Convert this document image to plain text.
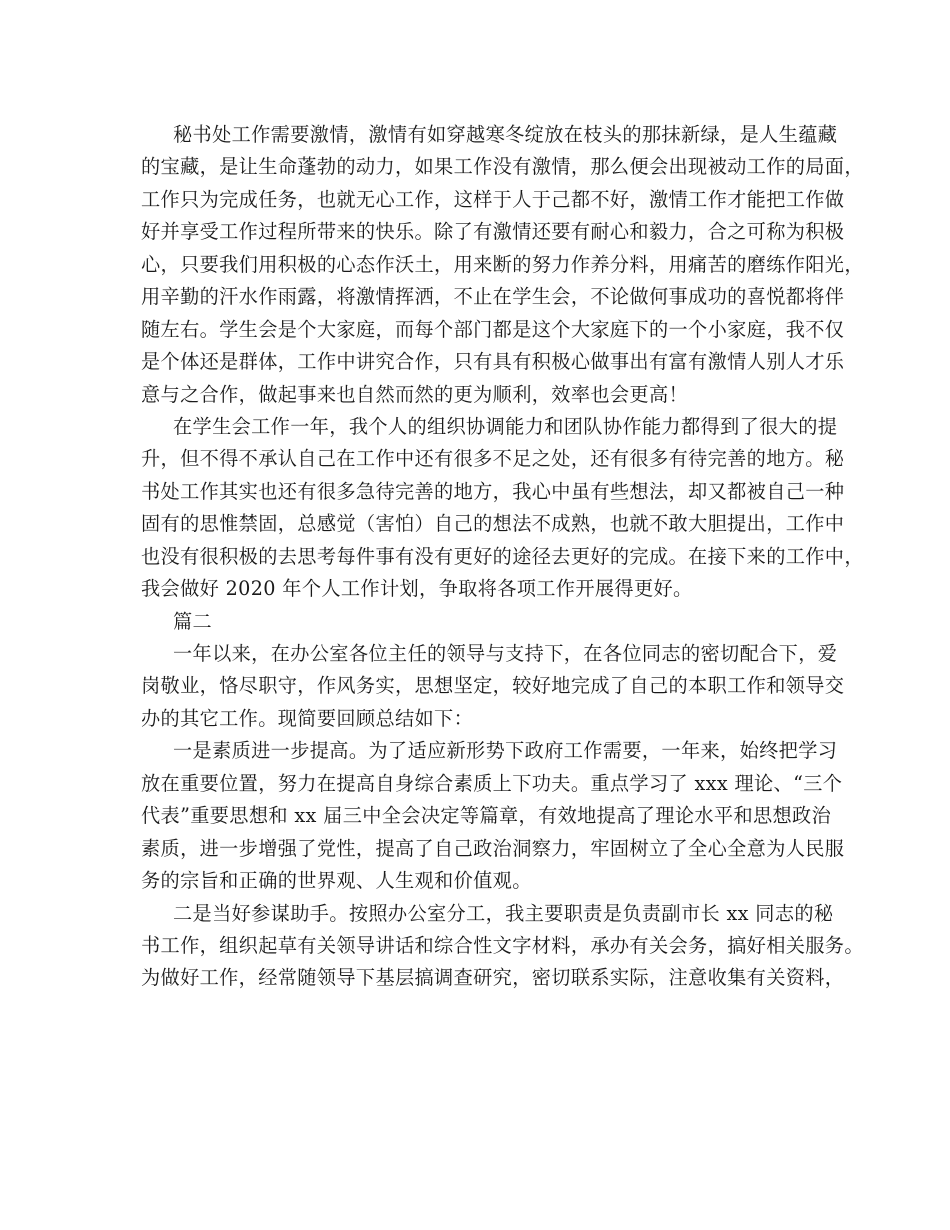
秘书处工作需要激情，激情有如穿越寒冬绽放在枝头的那抹新绿，是人生蕴藏
的宝藏，是让生命蓬勃的动力，如果工作没有激情，那么便会出现被动工作的局面，
工作只为完成任务，也就无心工作，这样于人于己都不好，激情工作才能把工作做
好并享受工作过程所带来的快乐。除了有激情还要有耐心和毅力，合之可称为积极
心，只要我们用积极的心态作沃土，用来断的努力作养分料，用痛苦的磨练作阳光，
用辛勤的汗水作雨露，将激情挥洒，不止在学生会，不论做何事成功的喜悦都将伴
随左右。学生会是个大家庭，而每个部门都是这个大家庭下的一个小家庭，我不仅
是个体还是群体，工作中讲究合作，只有具有积极心做事出有富有激情人别人才乐
意与之合作，做起事来也自然而然的更为顺利，效率也会更高！
在学生会工作一年，我个人的组织协调能力和团队协作能力都得到了很大的提
升，但不得不承认自己在工作中还有很多不足之处，还有很多有待完善的地方。秘
书处工作其实也还有很多急待完善的地方，我心中虽有些想法，却又都被自己一种
固有的思惟禁固，总感觉（害怕）自己的想法不成熟，也就不敢大胆提出，工作中
也没有很积极的去思考每件事有没有更好的途径去更好的完成。在接下来的工作中，
我会做好 2020 年个人工作计划，争取将各项工作开展得更好。
篇二
一年以来，在办公室各位主任的领导与支持下，在各位同志的密切配合下，爱
岗敬业，恪尽职守，作风务实，思想坚定，较好地完成了自己的本职工作和领导交
办的其它工作。现简要回顾总结如下：
一是素质进一步提高。为了适应新形势下政府工作需要，一年来，始终把学习
放在重要位置，努力在提高自身综合素质上下功夫。重点学习了 xxx 理论、“三个
代表”重要思想和 xx 届三中全会决定等篇章，有效地提高了理论水平和思想政治
素质，进一步增强了党性，提高了自己政治洞察力，牢固树立了全心全意为人民服
务的宗旨和正确的世界观、人生观和价值观。
二是当好参谋助手。按照办公室分工，我主要职责是负责副市长 xx 同志的秘
书工作，组织起草有关领导讲话和综合性文字材料，承办有关会务，搞好相关服务。
为做好工作，经常随领导下基层搞调查研究，密切联系实际，注意收集有关资料，
